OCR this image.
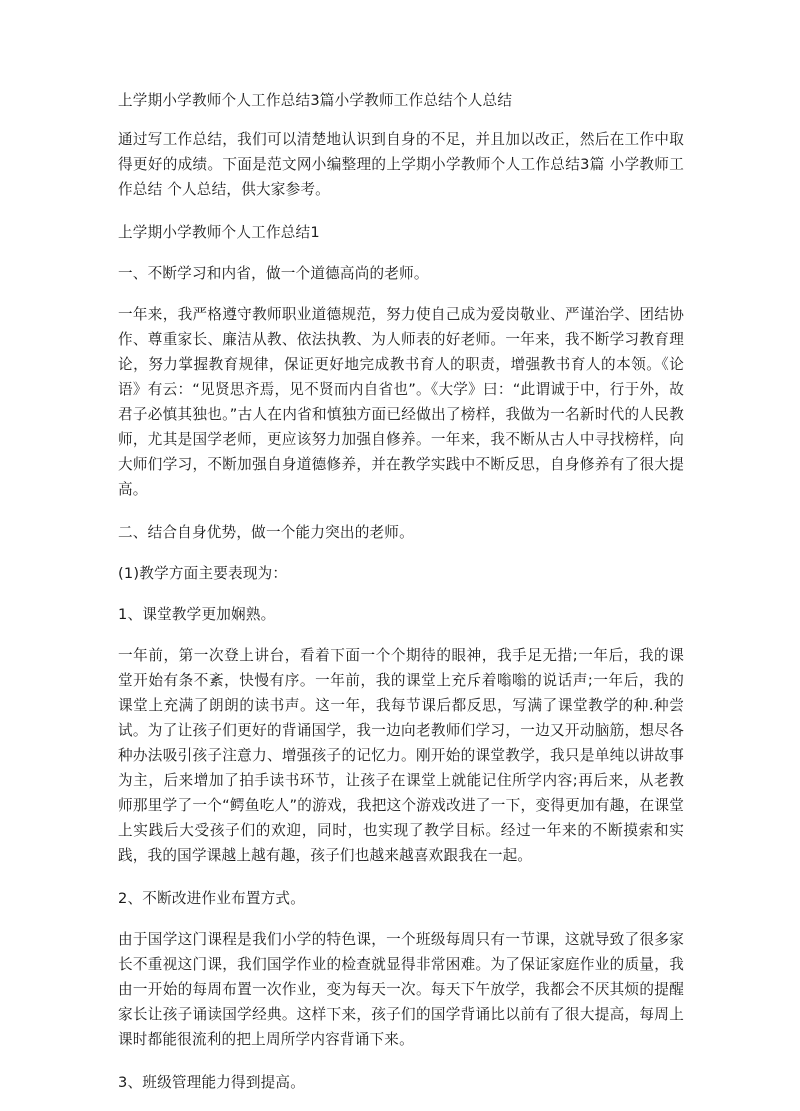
上学期小学教师个人工作总结3篇小学教师工作总结个人总结

通过写工作总结，我们可以清楚地认识到自身的不足，并且加以改正，然后在工作中取得更好的成绩。下面是范文网小编整理的上学期小学教师个人工作总结3篇 小学教师工作总结 个人总结，供大家参考。

上学期小学教师个人工作总结1

一、不断学习和内省，做一个道德高尚的老师。

一年来，我严格遵守教师职业道德规范，努力使自己成为爱岗敬业、严谨治学、团结协作、尊重家长、廉洁从教、依法执教、为人师表的好老师。一年来，我不断学习教育理论，努力掌握教育规律，保证更好地完成教书育人的职责，增强教书育人的本领。《论语》有云：“见贤思齐焉，见不贤而内自省也”。《大学》曰：“此谓诚于中，行于外，故君子必慎其独也。”古人在内省和慎独方面已经做出了榜样，我做为一名新时代的人民教师，尤其是国学老师，更应该努力加强自修养。一年来，我不断从古人中寻找榜样，向大师们学习，不断加强自身道德修养，并在教学实践中不断反思，自身修养有了很大提高。

二、结合自身优势，做一个能力突出的老师。

(1)教学方面主要表现为：

1、课堂教学更加娴熟。

一年前，第一次登上讲台，看着下面一个个期待的眼神，我手足无措;一年后，我的课堂开始有条不紊，快慢有序。一年前，我的课堂上充斥着嗡嗡的说话声;一年后，我的课堂上充满了朗朗的读书声。这一年，我每节课后都反思，写满了课堂教学的种.种尝试。为了让孩子们更好的背诵国学，我一边向老教师们学习，一边又开动脑筋，想尽各种办法吸引孩子注意力、增强孩子的记忆力。刚开始的课堂教学，我只是单纯以讲故事为主，后来增加了拍手读书环节，让孩子在课堂上就能记住所学内容;再后来，从老教师那里学了一个“鳄鱼吃人”的游戏，我把这个游戏改进了一下，变得更加有趣，在课堂上实践后大受孩子们的欢迎，同时，也实现了教学目标。经过一年来的不断摸索和实践，我的国学课越上越有趣，孩子们也越来越喜欢跟我在一起。

2、不断改进作业布置方式。

由于国学这门课程是我们小学的特色课，一个班级每周只有一节课，这就导致了很多家长不重视这门课，我们国学作业的检查就显得非常困难。为了保证家庭作业的质量，我由一开始的每周布置一次作业，变为每天一次。每天下午放学，我都会不厌其烦的提醒家长让孩子诵读国学经典。这样下来，孩子们的国学背诵比以前有了很大提高，每周上课时都能很流利的把上周所学内容背诵下来。

3、班级管理能力得到提高。
